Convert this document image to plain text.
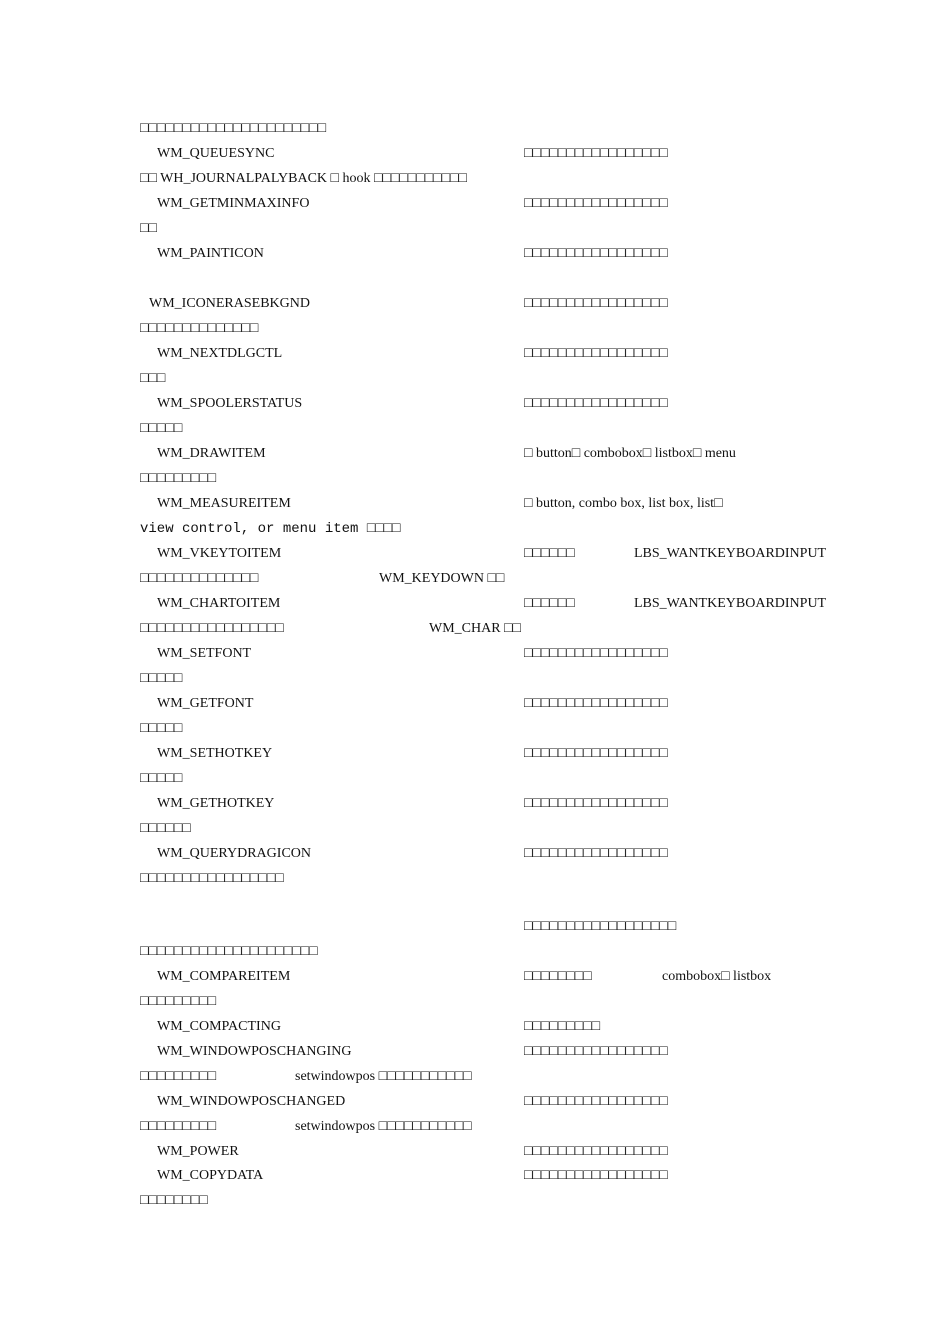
□□□□□□□□□□□□□□□□□□□□□□
WM_QUEUESYNC	□□□□□□□□□□□□□□□□□
□□ WH_JOURNALPALYBACK □ hook □□□□□□□□□□□
WM_GETMINMAXINFO	□□□□□□□□□□□□□□□□□
□□
WM_PAINTICON	□□□□□□□□□□□□□□□□□
WM_ICONERASEBKGND	□□□□□□□□□□□□□□□□□
□□□□□□□□□□□□□□
WM_NEXTDLGCTL	□□□□□□□□□□□□□□□□□
□□□
WM_SPOOLERSTATUS	□□□□□□□□□□□□□□□□□
□□□□□
WM_DRAWITEM	□ button□ combobox□ listbox□ menu
□□□□□□□□□
WM_MEASUREITEM	□ button, combo box, list box, list□
view control, or menu item □□□□
WM_VKEYTOITEM	□□□□□□	LBS_WANTKEYBOARDINPUT
□□□□□□□□□□□□□□	WM_KEYDOWN □□
WM_CHARTOITEM	□□□□□□	LBS_WANTKEYBOARDINPUT
□□□□□□□□□□□□□□□□□	WM_CHAR □□
WM_SETFONT	□□□□□□□□□□□□□□□□□
□□□□□
WM_GETFONT	□□□□□□□□□□□□□□□□□
□□□□□
WM_SETHOTKEY	□□□□□□□□□□□□□□□□□
□□□□□
WM_GETHOTKEY	□□□□□□□□□□□□□□□□□
□□□□□□
WM_QUERYDRAGICON	□□□□□□□□□□□□□□□□□
□□□□□□□□□□□□□□□□□
□□□□□□□□□□□□□□□□□□
□□□□□□□□□□□□□□□□□□□□□
WM_COMPAREITEM	□□□□□□□□	combobox□ listbox
□□□□□□□□□
WM_COMPACTING	□□□□□□□□□
WM_WINDOWPOSCHANGING	□□□□□□□□□□□□□□□□□
□□□□□□□□□	setwindowpos □□□□□□□□□□□
WM_WINDOWPOSCHANGED	□□□□□□□□□□□□□□□□□
□□□□□□□□□	setwindowpos □□□□□□□□□□□
WM_POWER	□□□□□□□□□□□□□□□□□
WM_COPYDATA	□□□□□□□□□□□□□□□□□
□□□□□□□□
